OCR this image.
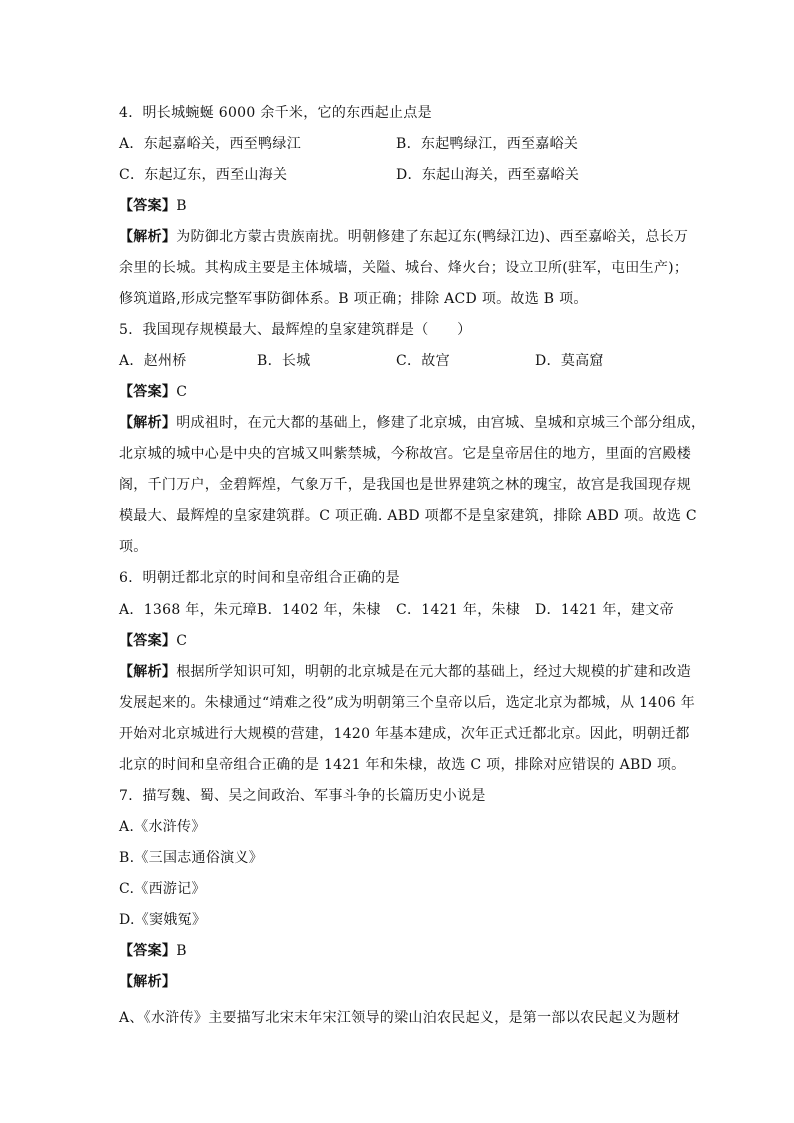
4．明长城蜿蜒 6000 余千米，它的东西起止点是
A．东起嘉峪关，西至鸭绿江	B．东起鸭绿江，西至嘉峪关
C．东起辽东，西至山海关	D．东起山海关，西至嘉峪关
【答案】B
【解析】为防御北方蒙古贵族南扰。明朝修建了东起辽东(鸭绿江边)、西至嘉峪关，总长万
余里的长城。其构成主要是主体城墙，关隘、城台、烽火台；设立卫所(驻军，屯田生产)；
修筑道路,形成完整军事防御体系。B 项正确；排除 ACD 项。故选 B 项。
5．我国现存规模最大、最辉煌的皇家建筑群是（　　）
A．赵州桥	B．长城	C．故宫	D．莫高窟
【答案】C
【解析】明成祖时，在元大都的基础上，修建了北京城，由宫城、皇城和京城三个部分组成，
北京城的城中心是中央的宫城又叫紫禁城，今称故宫。它是皇帝居住的地方，里面的宫殿楼
阁，千门万户，金碧辉煌，气象万千，是我国也是世界建筑之林的瑰宝，故宫是我国现存规
模最大、最辉煌的皇家建筑群。C 项正确. ABD 项都不是皇家建筑，排除 ABD 项。故选 C
项。
6．明朝迁都北京的时间和皇帝组合正确的是
A．1368 年，朱元璋 B．1402 年，朱棣 C．1421 年，朱棣 D．1421 年，建文帝
【答案】C
【解析】根据所学知识可知，明朝的北京城是在元大都的基础上，经过大规模的扩建和改造
发展起来的。朱棣通过“靖难之役”成为明朝第三个皇帝以后，选定北京为都城，从 1406 年
开始对北京城进行大规模的营建，1420 年基本建成，次年正式迁都北京。因此，明朝迁都
北京的时间和皇帝组合正确的是 1421 年和朱棣，故选 C 项，排除对应错误的 ABD 项。
7．描写魏、蜀、吴之间政治、军事斗争的长篇历史小说是
A.《水浒传》
B.《三国志通俗演义》
C.《西游记》
D.《窦娥冤》
【答案】B
【解析】
A、《水浒传》主要描写北宋末年宋江领导的梁山泊农民起义，是第一部以农民起义为题材
